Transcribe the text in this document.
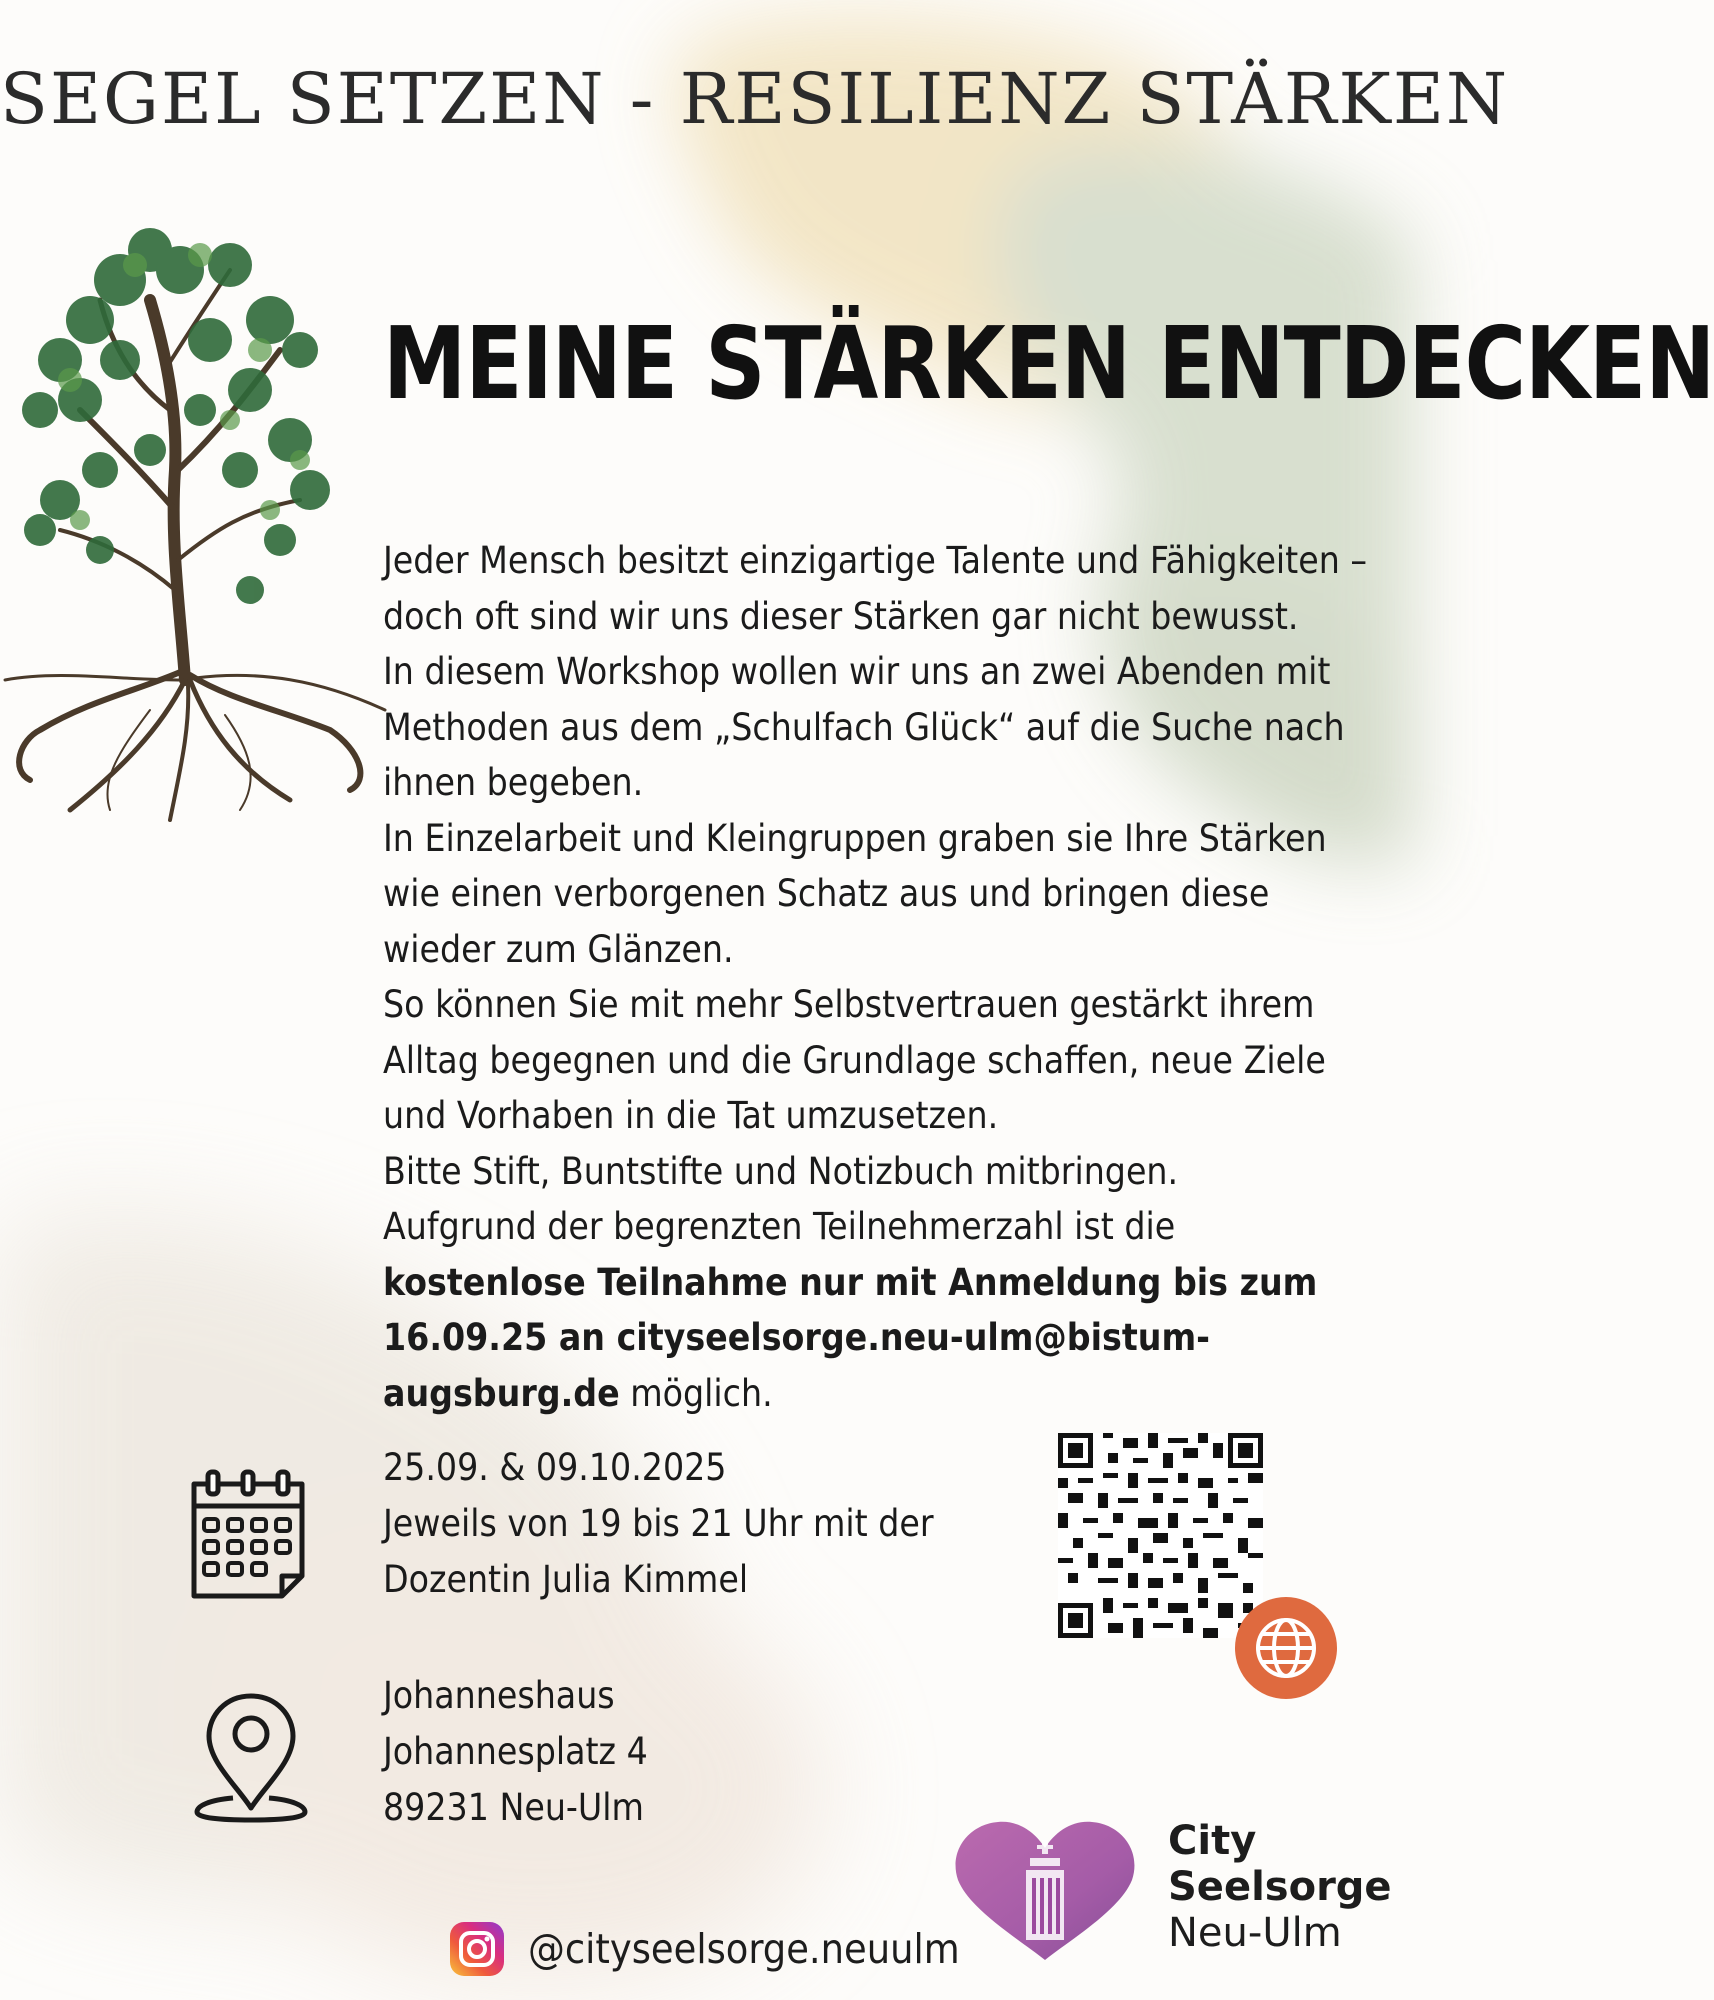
SEGEL SETZEN - RESILIENZ STÄRKEN
MEINE STÄRKEN ENTDECKEN

Jeder Mensch besitzt einzigartige Talente und Fähigkeiten – doch oft sind wir uns dieser Stärken gar nicht bewusst.

In diesem Workshop wollen wir uns an zwei Abenden mit Methoden aus dem „Schulfach Glück“ auf die Suche nach ihnen begeben.

In Einzelarbeit und Kleingruppen graben sie Ihre Stärken wie einen verborgenen Schatz aus und bringen diese wieder zum Glänzen.

So können Sie mit mehr Selbstvertrauen gestärkt ihrem Alltag begegnen und die Grundlage schaffen, neue Ziele und Vorhaben in die Tat umzusetzen.

Bitte Stift, Buntstifte und Notizbuch mitbringen.

Aufgrund der begrenzten Teilnehmerzahl ist die kostenlose Teilnahme nur mit Anmeldung bis zum 16.09.25 an cityseelsorge.neu-ulm@bistum-augsburg.de möglich.

25.09. & 09.10.2025

Jeweils von 19 bis 21 Uhr mit der

Dozentin Julia Kimmel

Johanneshaus

Johannesplatz 4

89231 Neu-Ulm

City
Seelsorge
Neu-Ulm
@cityseelsorge.neuulm
